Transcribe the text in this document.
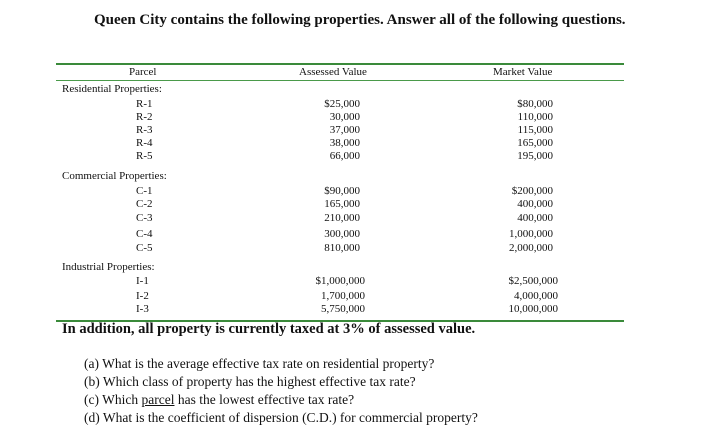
Queen City contains the following properties. Answer all of the following questions.
Parcel	Assessed Value	Market Value
Residential Properties:
R-1	$25,000	$80,000
R-2	30,000	110,000
R-3	37,000	115,000
R-4	38,000	165,000
R-5	66,000	195,000
Commercial Properties:
C-1	$90,000	$200,000
C-2	165,000	400,000
C-3	210,000	400,000
C-4	300,000	1,000,000
C-5	810,000	2,000,000
Industrial Properties:
I-1	$1,000,000	$2,500,000
I-2	1,700,000	4,000,000
I-3	5,750,000	10,000,000
In addition, all property is currently taxed at 3% of assessed value.
(a) What is the average effective tax rate on residential property?
(b) Which class of property has the highest effective tax rate?
(c) Which parcel has the lowest effective tax rate?
(d) What is the coefficient of dispersion (C.D.) for commercial property?
